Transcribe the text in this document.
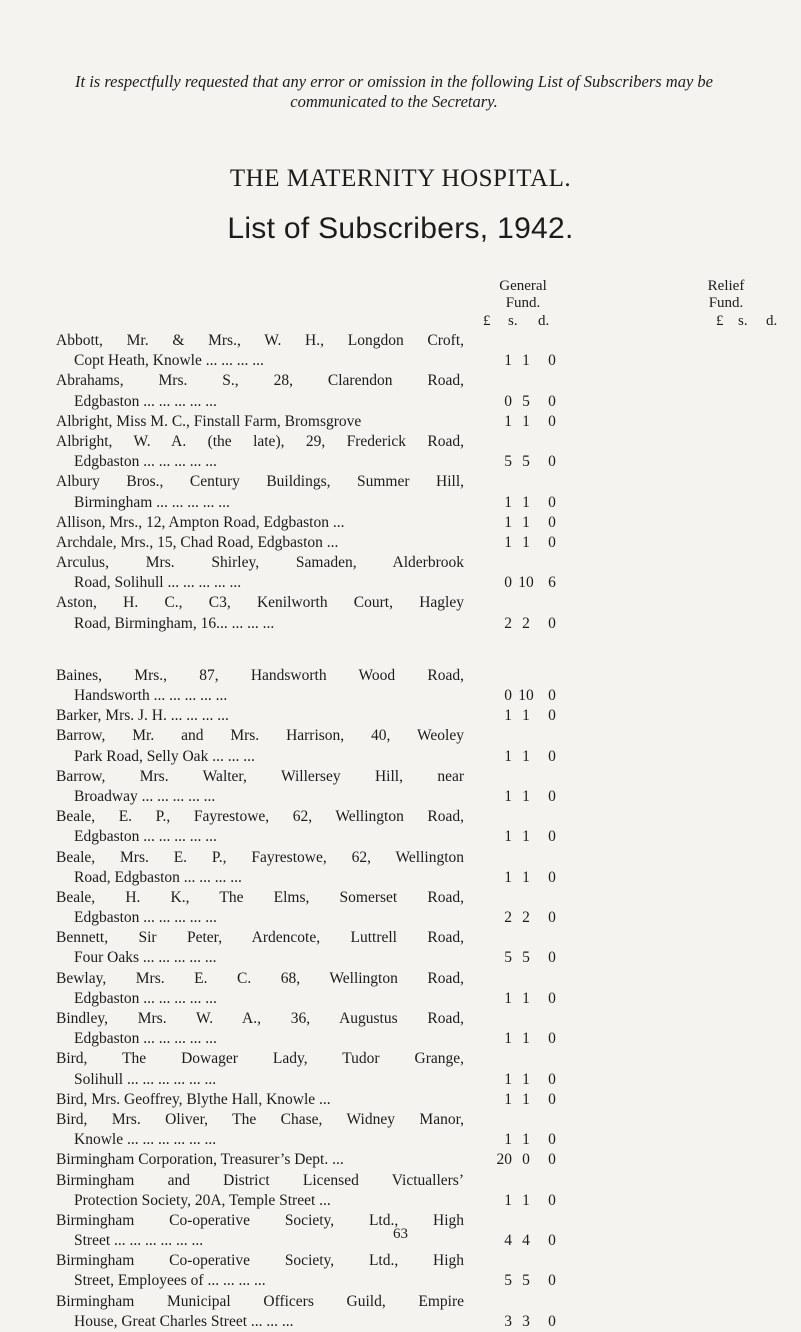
It is respectfully requested that any error or omission in the following List of Subscribers may be communicated to the Secretary.
THE MATERNITY HOSPITAL.
List of Subscribers, 1942.
General
Fund.
Relief
Fund.
£ s. d.	£ s. d.
Abbott, Mr. & Mrs., W. H., Longdon Croft,
Copt Heath, Knowle ... ... ... ...	1 1	0
Abrahams, Mrs. S., 28, Clarendon Road,
Edgbaston ... ... ... ... ...	0 5	0
Albright, Miss M. C., Finstall Farm, Bromsgrove	1 1	0
Albright, W. A. (the late), 29, Frederick Road,
Edgbaston ... ... ... ... ...	5 5	0
Albury Bros., Century Buildings, Summer Hill,
Birmingham ... ... ... ... ...	1 1	0
Allison, Mrs., 12, Ampton Road, Edgbaston ...	1 1	0
Archdale, Mrs., 15, Chad Road, Edgbaston ...	1 1	0
Arculus, Mrs. Shirley, Samaden, Alderbrook
Road, Solihull ... ... ... ... ...	0 10 6
Aston, H. C., C3, Kenilworth Court, Hagley
Road, Birmingham, 16... ... ... ...	2 2	0
Baines, Mrs., 87, Handsworth Wood Road,
Handsworth ... ... ... ... ...	0 10 0
Barker, Mrs. J. H. ... ... ... ...	1 1	0
Barrow, Mr. and Mrs. Harrison, 40, Weoley
Park Road, Selly Oak ... ... ...	1 1	0
Barrow, Mrs. Walter, Willersey Hill, near
Broadway ... ... ... ... ...	1 1	0
Beale, E. P., Fayrestowe, 62, Wellington Road,
Edgbaston ... ... ... ... ...	1 1	0
Beale, Mrs. E. P., Fayrestowe, 62, Wellington
Road, Edgbaston ... ... ... ...	1 1	0
Beale, H. K., The Elms, Somerset Road,
Edgbaston ... ... ... ... ...	2 2	0
Bennett, Sir Peter, Ardencote, Luttrell Road,
Four Oaks ... ... ... ... ...	5 5	0
Bewlay, Mrs. E. C. 68, Wellington Road,
Edgbaston ... ... ... ... ...	1 1	0
Bindley, Mrs. W. A., 36, Augustus Road,
Edgbaston ... ... ... ... ...	1 1	0
Bird, The Dowager Lady, Tudor Grange,
Solihull ... ... ... ... ... ...	1 1	0
Bird, Mrs. Geoffrey, Blythe Hall, Knowle ...	1 1	0
Bird, Mrs. Oliver, The Chase, Widney Manor,
Knowle ... ... ... ... ... ...	1 1	0
Birmingham Corporation, Treasurer’s Dept. ...	20 0	0
Birmingham and District Licensed Victuallers’
Protection Society, 20A, Temple Street ...	1 1	0
Birmingham Co-operative Society, Ltd., High
Street ... ... ... ... ... ...	4 4	0
Birmingham Co-operative Society, Ltd., High
Street, Employees of ... ... ... ...	5 5	0
Birmingham Municipal Officers Guild, Empire
House, Great Charles Street ... ... ...	3 3	0
63
